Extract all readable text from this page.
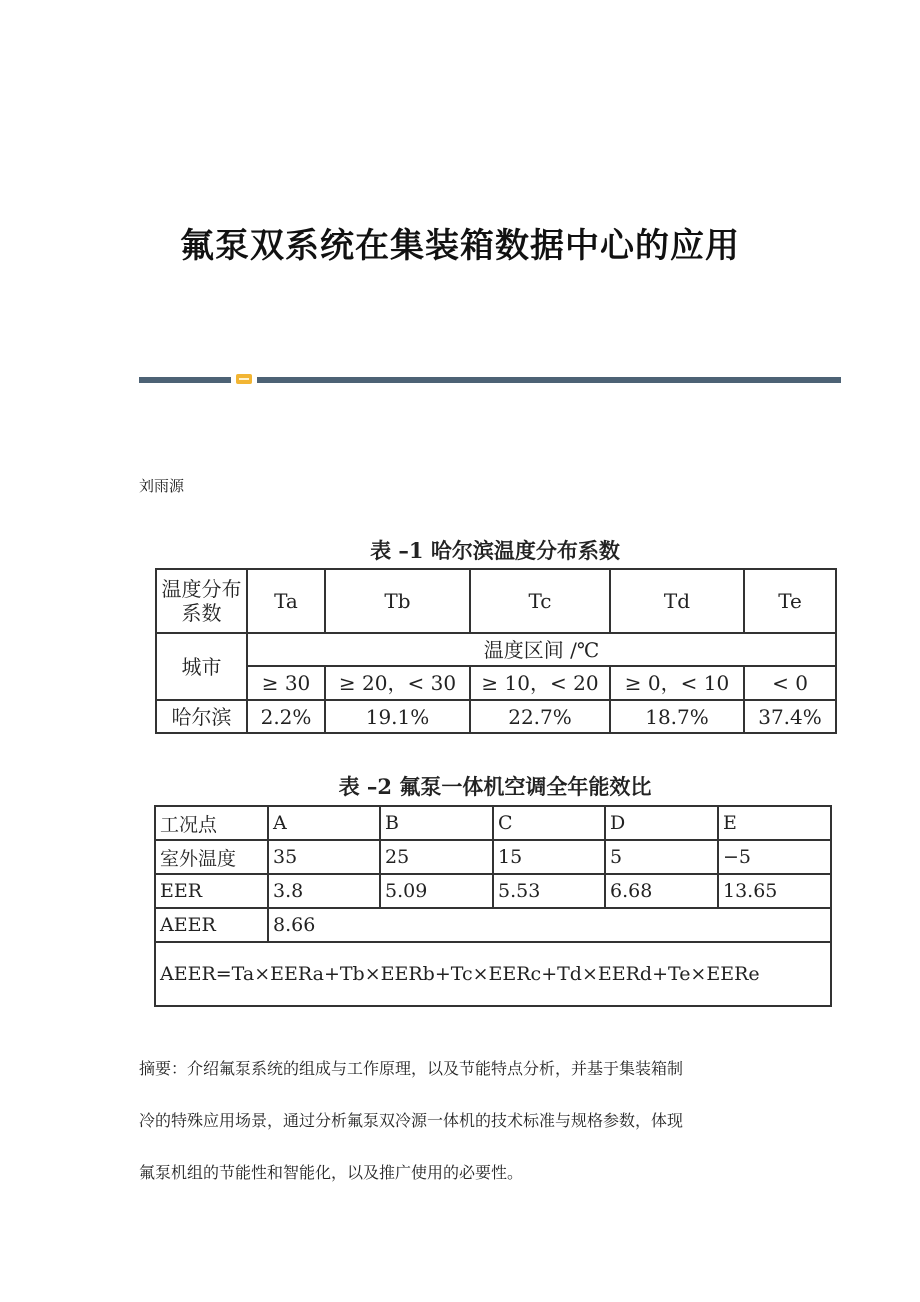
氟泵双系统在集装箱数据中心的应用
刘雨源
表 –1 哈尔滨温度分布系数
温度分布系数	Ta	Tb	Tc	Td	Te
城市	温度区间 /℃				
	≥ 30	≥ 20，< 30	≥ 10，< 20	≥ 0，< 10	< 0
哈尔滨	2.2%	19.1%	22.7%	18.7%	37.4%
表 –2 氟泵一体机空调全年能效比
工况点	A	B	C	D	E
室外温度	35	25	15	5	−5
EER	3.8	5.09	5.53	6.68	13.65
AEER	8.66				
AEER=Ta×EERa+Tb×EERb+Tc×EERc+Td×EERd+Te×EERe					

摘要：介绍氟泵系统的组成与工作原理，以及节能特点分析，并基于集装箱制

冷的特殊应用场景，通过分析氟泵双冷源一体机的技术标准与规格参数，体现

氟泵机组的节能性和智能化，以及推广使用的必要性。
